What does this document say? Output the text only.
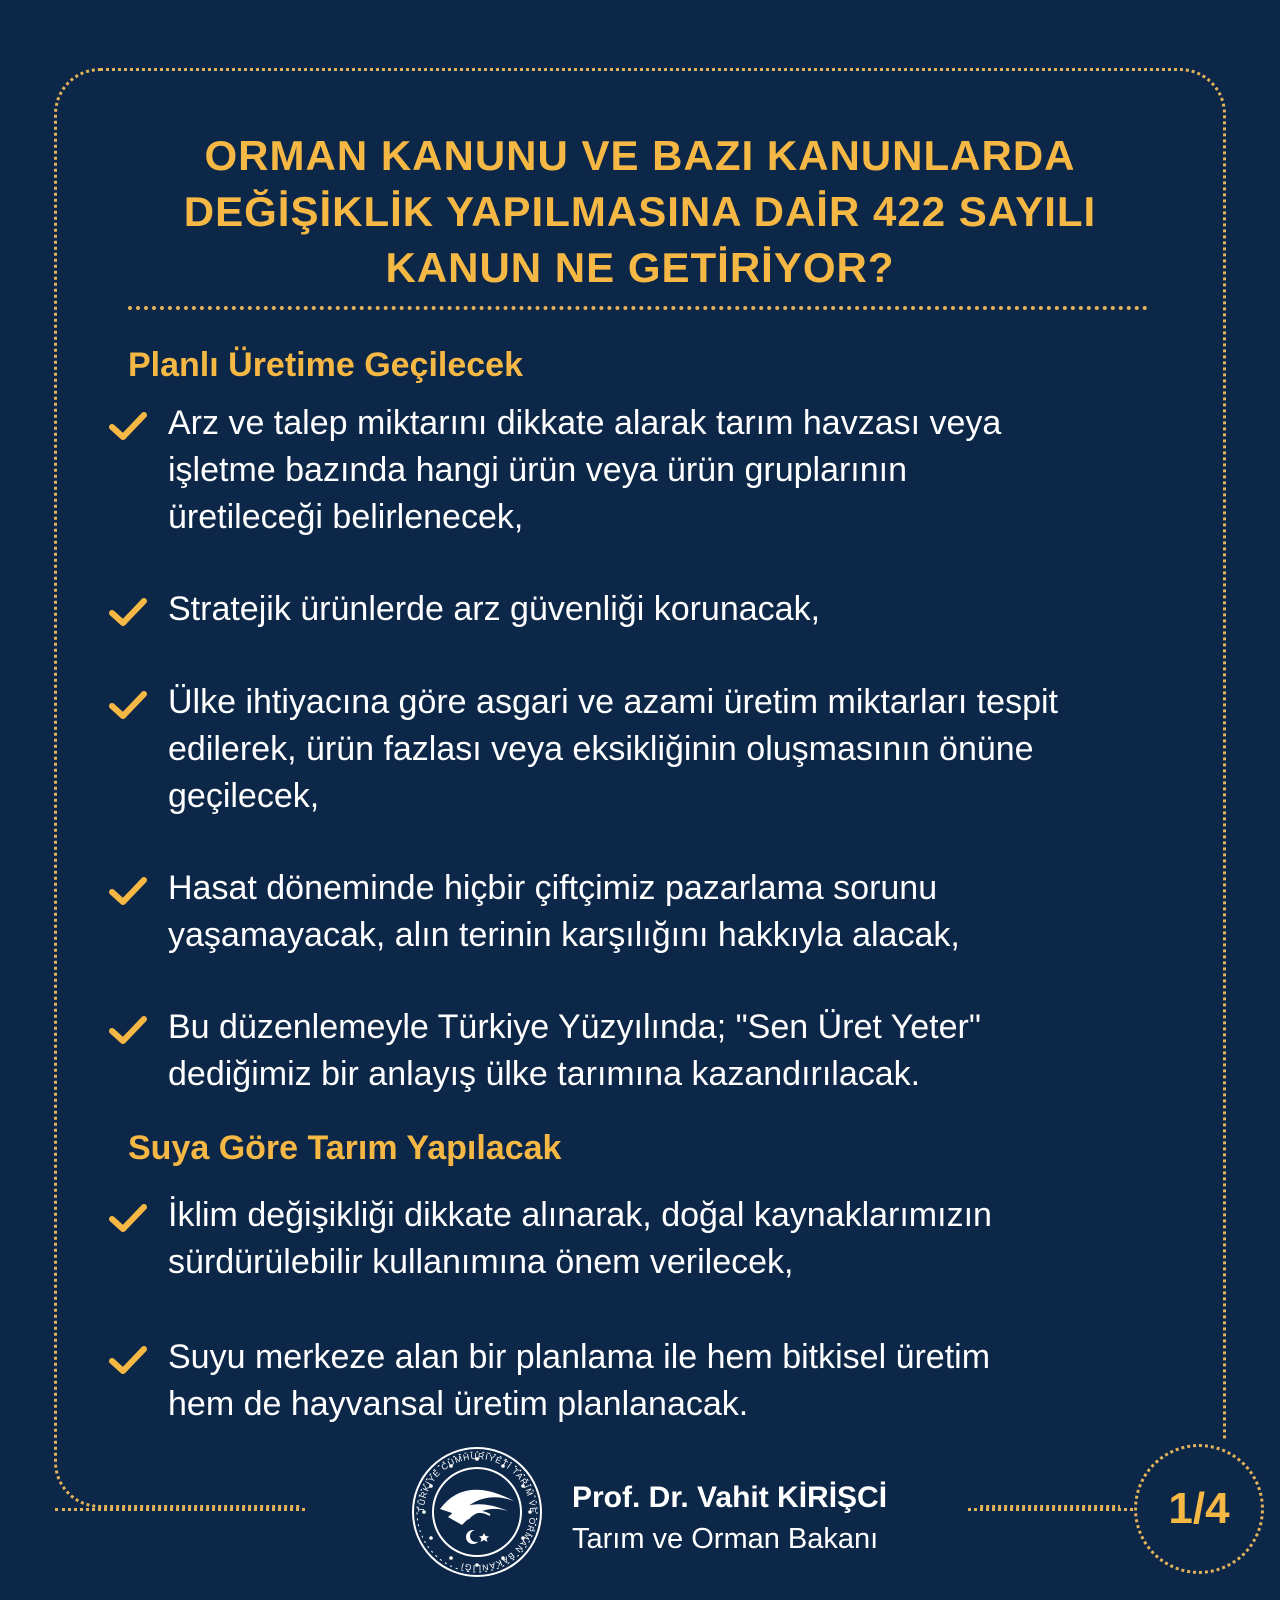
ORMAN KANUNU VE BAZI KANUNLARDA
DEĞİŞİKLİK YAPILMASINA DAİR 422 SAYILI
KANUN NE GETİRİYOR?
Planlı Üretime Geçilecek
Arz ve talep miktarını dikkate alarak tarım havzası veya
işletme bazında hangi ürün veya ürün gruplarının
üretileceği belirlenecek,
Stratejik ürünlerde arz güvenliği korunacak,
Ülke ihtiyacına göre asgari ve azami üretim miktarları tespit
edilerek, ürün fazlası veya eksikliğinin oluşmasının önüne
geçilecek,
Hasat döneminde hiçbir çiftçimiz pazarlama sorunu
yaşamayacak, alın terinin karşılığını hakkıyla alacak,
Bu düzenlemeyle Türkiye Yüzyılında; "Sen Üret Yeter"
dediğimiz bir anlayış ülke tarımına kazandırılacak.
Suya Göre Tarım Yapılacak
İklim değişikliği dikkate alınarak, doğal kaynaklarımızın
sürdürülebilir kullanımına önem verilecek,
Suyu merkeze alan bir planlama ile hem bitkisel üretim
hem de hayvansal üretim planlanacak.
TÜRKİYE CUMHURİYETİ TARIM VE ORMAN BAKANLIĞI
Prof. Dr. Vahit KİRİŞCİ
Tarım ve Orman Bakanı
1/4
